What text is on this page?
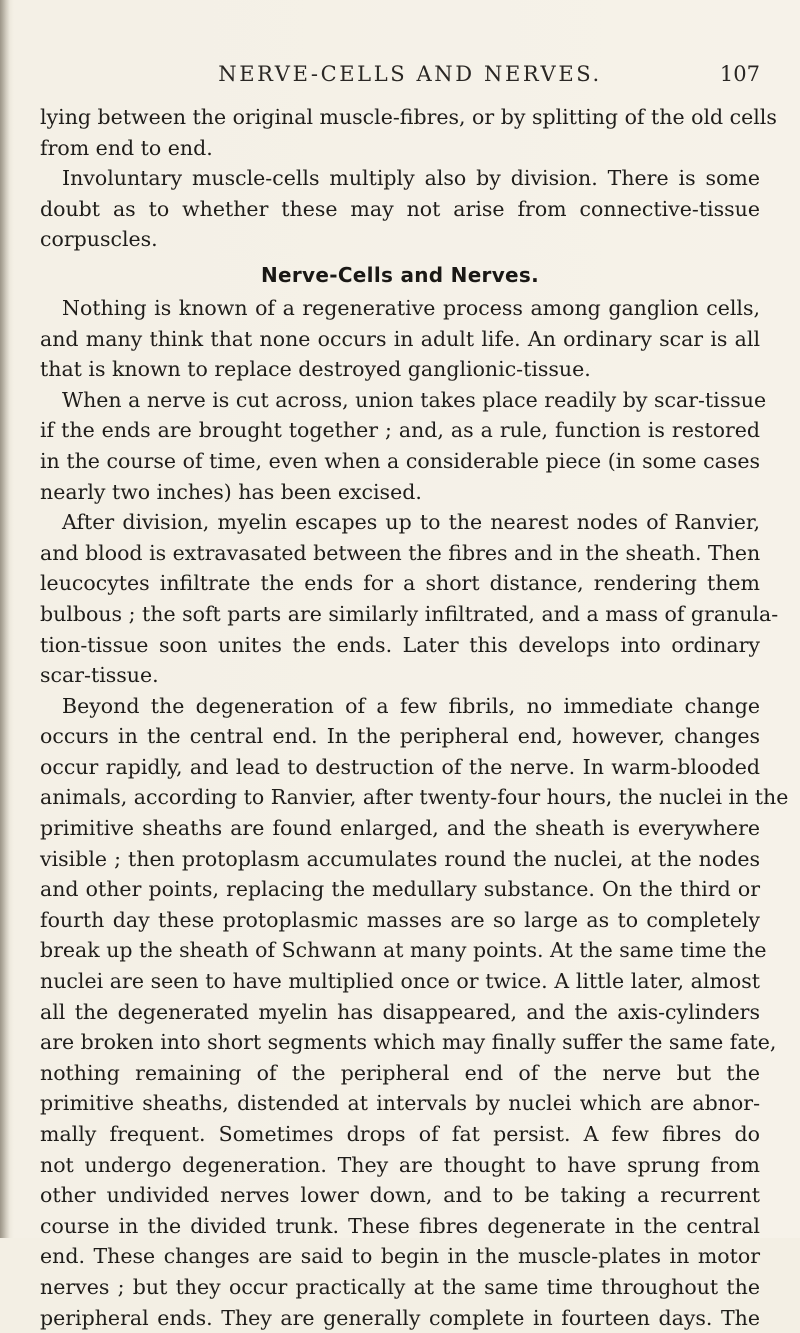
NERVE-CELLS AND NERVES.	107
lying between the original muscle-fibres, or by splitting of the old cells
from end to end.
Involuntary muscle-cells multiply also by division. There is some
doubt as to whether these may not arise from connective-tissue
corpuscles.
Nerve-Cells and Nerves.
Nothing is known of a regenerative process among ganglion cells,
and many think that none occurs in adult life. An ordinary scar is all
that is known to replace destroyed ganglionic-tissue.
When a nerve is cut across, union takes place readily by scar-tissue
if the ends are brought together ; and, as a rule, function is restored
in the course of time, even when a considerable piece (in some cases
nearly two inches) has been excised.
After division, myelin escapes up to the nearest nodes of Ranvier,
and blood is extravasated between the fibres and in the sheath. Then
leucocytes infiltrate the ends for a short distance, rendering them
bulbous ; the soft parts are similarly infiltrated, and a mass of granula-
tion-tissue soon unites the ends. Later this develops into ordinary
scar-tissue.
Beyond the degeneration of a few fibrils, no immediate change
occurs in the central end. In the peripheral end, however, changes
occur rapidly, and lead to destruction of the nerve. In warm-blooded
animals, according to Ranvier, after twenty-four hours, the nuclei in the
primitive sheaths are found enlarged, and the sheath is everywhere
visible ; then protoplasm accumulates round the nuclei, at the nodes
and other points, replacing the medullary substance. On the third or
fourth day these protoplasmic masses are so large as to completely
break up the sheath of Schwann at many points. At the same time the
nuclei are seen to have multiplied once or twice. A little later, almost
all the degenerated myelin has disappeared, and the axis-cylinders
are broken into short segments which may finally suffer the same fate,
nothing remaining of the peripheral end of the nerve but the
primitive sheaths, distended at intervals by nuclei which are abnor-
mally frequent. Sometimes drops of fat persist. A few fibres do
not undergo degeneration. They are thought to have sprung from
other undivided nerves lower down, and to be taking a recurrent
course in the divided trunk. These fibres degenerate in the central
end. These changes are said to begin in the muscle-plates in motor
nerves ; but they occur practically at the same time throughout the
peripheral ends. They are generally complete in fourteen days. The
